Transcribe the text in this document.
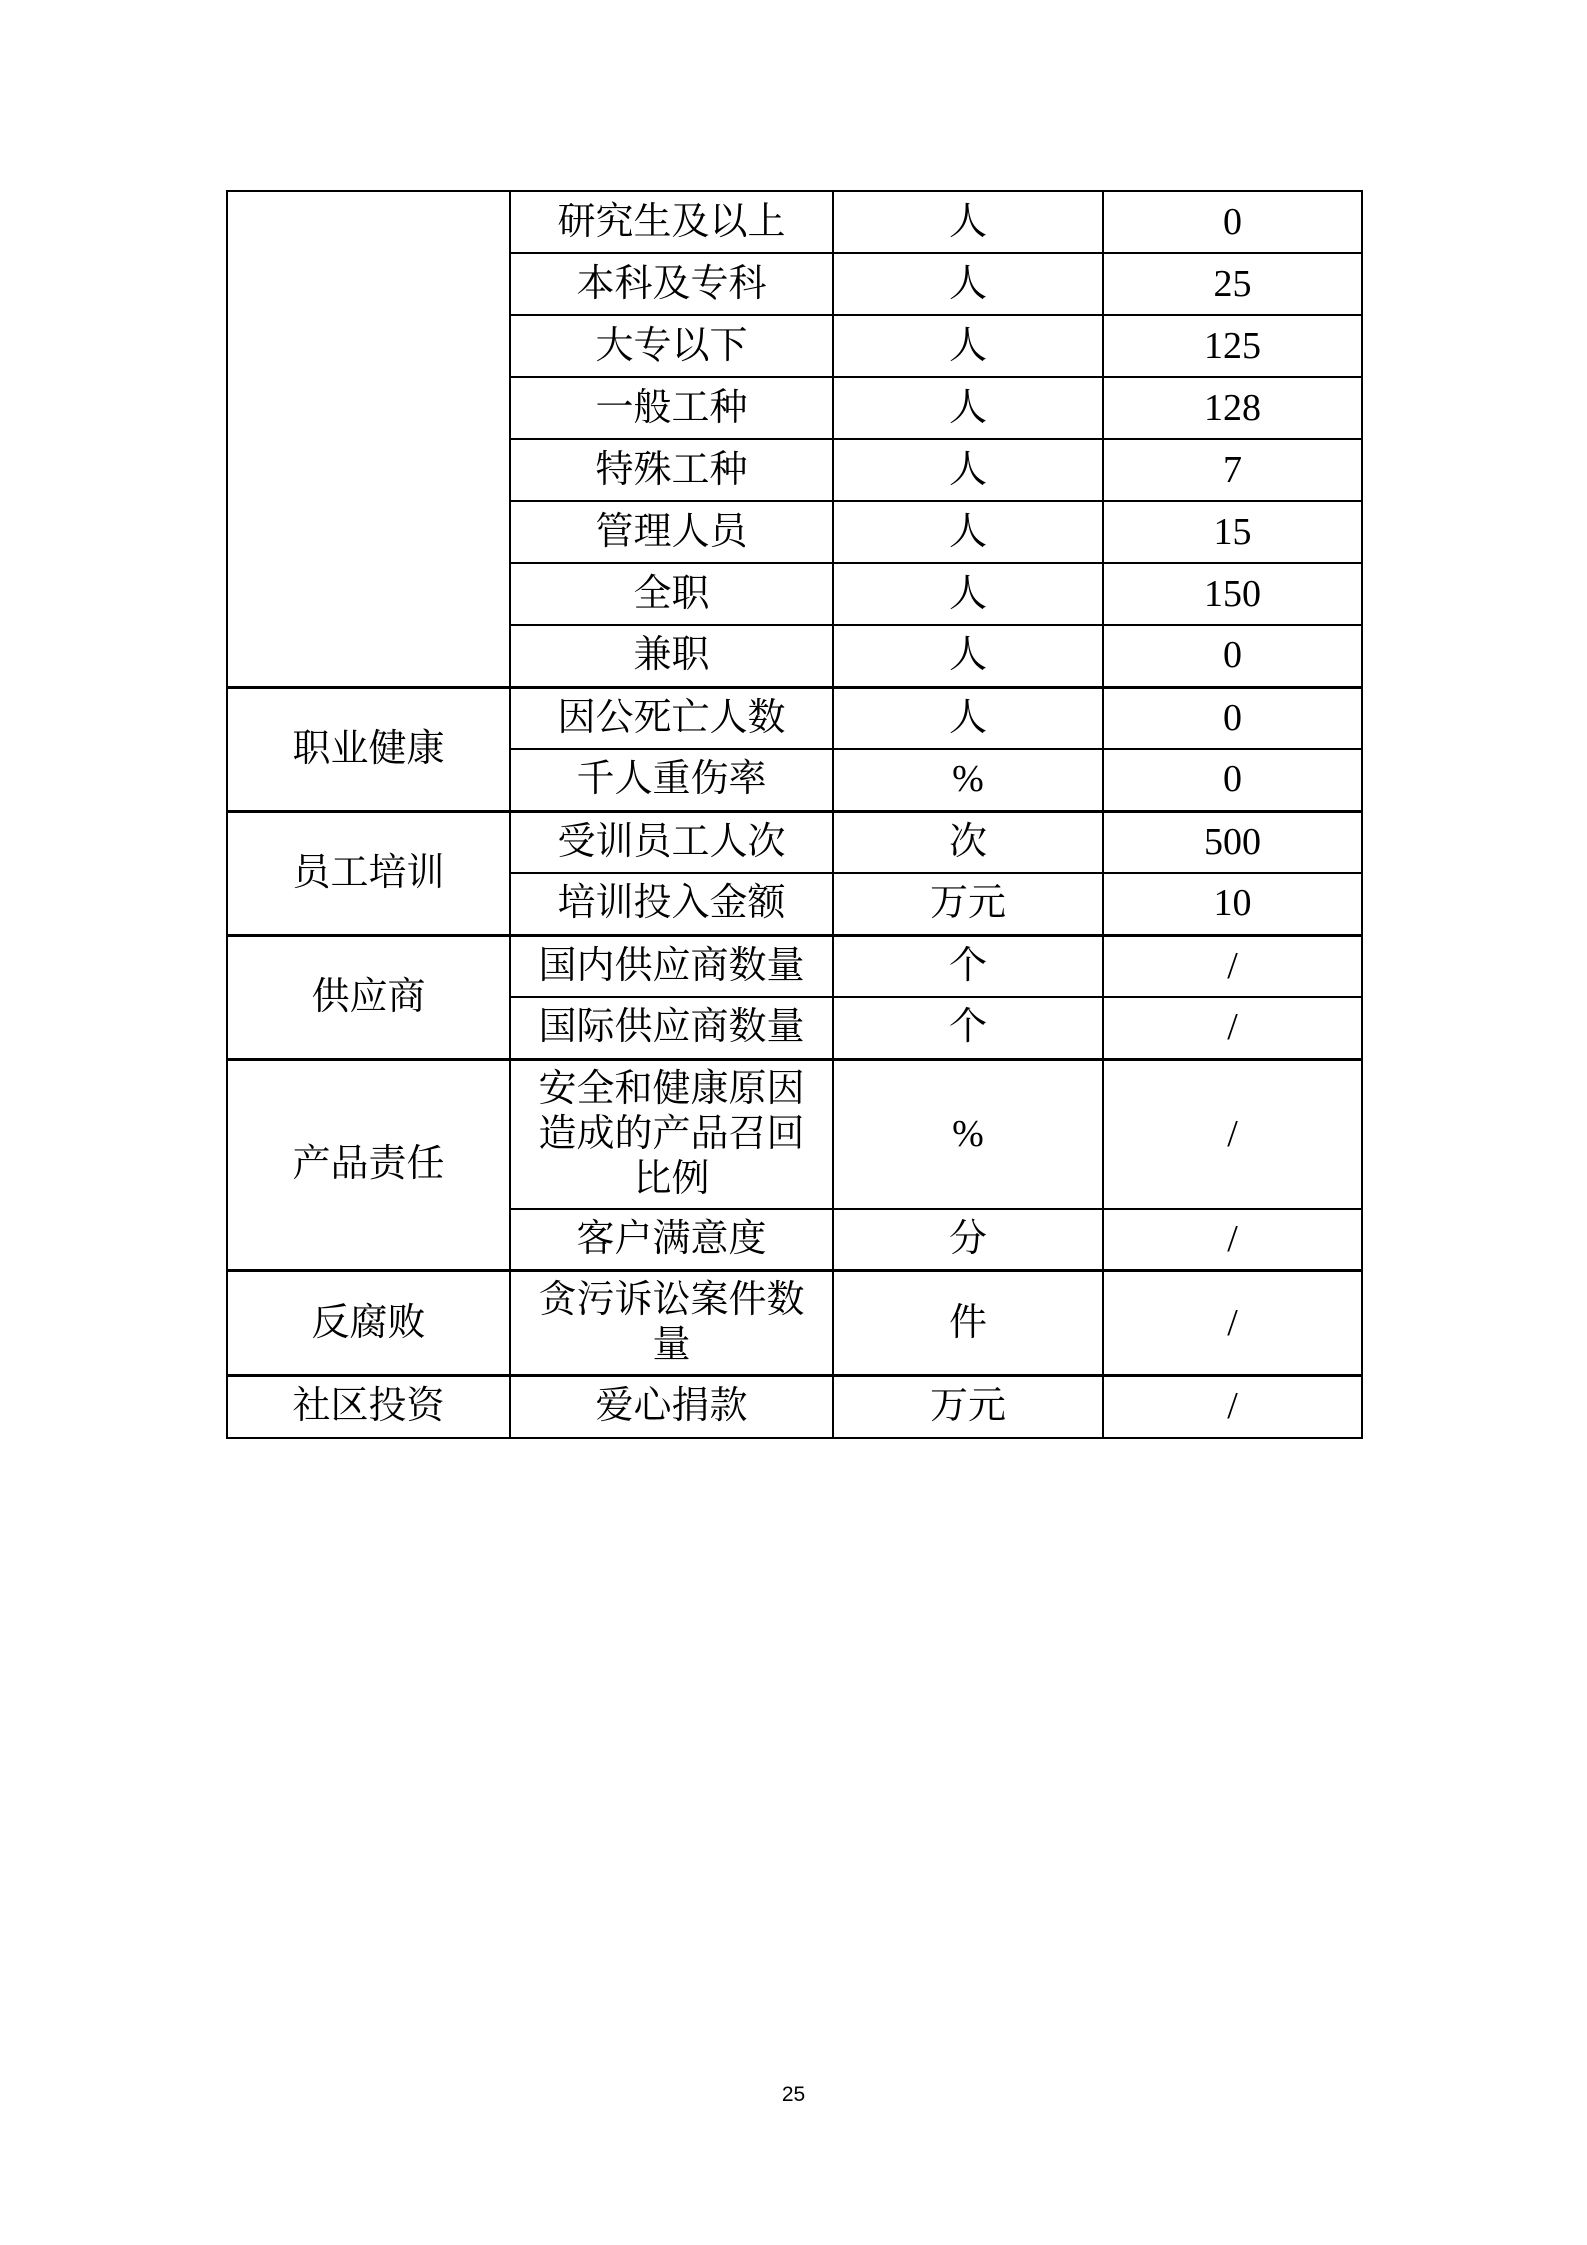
	研究生及以上	人	0
	本科及专科	人	25
	大专以下	人	125
	一般工种	人	128
	特殊工种	人	7
	管理人员	人	15
	全职	人	150
	兼职	人	0
职业健康	因公死亡人数	人	0
	千人重伤率	%	0
员工培训	受训员工人次	次	500
	培训投入金额	万元	10
供应商	国内供应商数量	个	/
	国际供应商数量	个	/
产品责任	安全和健康原因造成的产品召回比例	%	/
	客户满意度	分	/
反腐败	贪污诉讼案件数量	件	/
社区投资	爱心捐款	万元	/
25
